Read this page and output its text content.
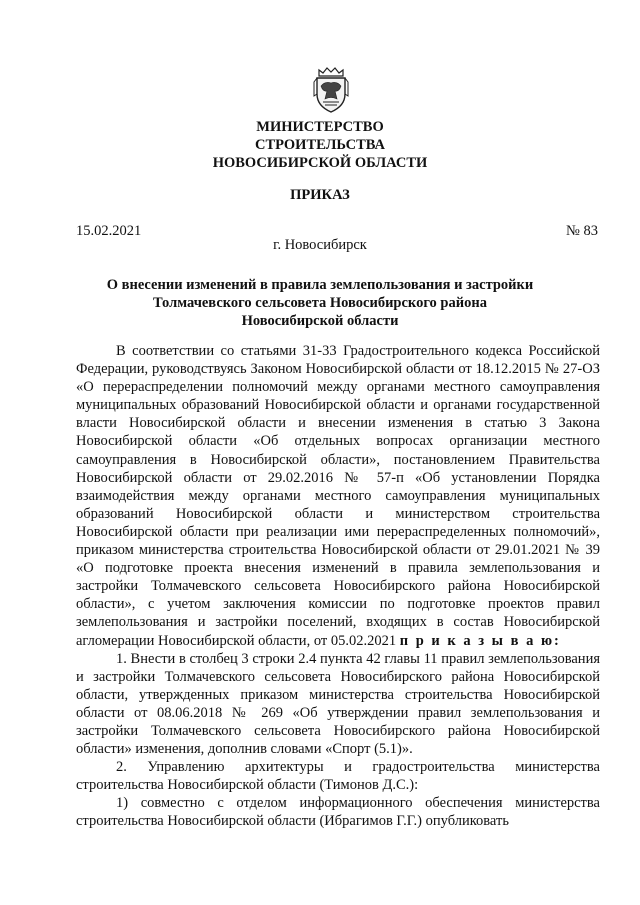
МИНИСТЕРСТВО
СТРОИТЕЛЬСТВА
НОВОСИБИРСКОЙ ОБЛАСТИ
ПРИКАЗ
15.02.2021	№ 83
г. Новосибирск
О внесении изменений в правила землепользования и застройки
Толмачевского сельсовета Новосибирского района
Новосибирской области

В соответствии со статьями 31-33 Градостроительного кодекса Российской Федерации, руководствуясь Законом Новосибирской области от 18.12.2015 № 27-ОЗ «О перераспределении полномочий между органами местного самоуправления муниципальных образований Новосибирской области и органами государственной власти Новосибирской области и внесении изменения в статью 3 Закона Новосибирской области «Об отдельных вопросах организации местного самоуправления в Новосибирской области», постановлением Правительства Новосибирской области от 29.02.2016 № 57-п «Об установлении Порядка взаимодействия между органами местного самоуправления муниципальных образований Новосибирской области и министерством строительства Новосибирской области при реализации ими перераспределенных полномочий», приказом министерства строительства Новосибирской области от 29.01.2021 № 39 «О подготовке проекта внесения изменений в правила землепользования и застройки Толмачевского сельсовета Новосибирского района Новосибирской области», с учетом заключения комиссии по подготовке проектов правил землепользования и застройки поселений, входящих в состав Новосибирской агломерации Новосибирской области, от 05.02.2021 п р и к а з ы в а ю:

1. Внести в столбец 3 строки 2.4 пункта 42 главы 11 правил землепользования и застройки Толмачевского сельсовета Новосибирского района Новосибирской области, утвержденных приказом министерства строительства Новосибирской области от 08.06.2018 № 269 «Об утверждении правил землепользования и застройки Толмачевского сельсовета Новосибирского района Новосибирской области» изменения, дополнив словами «Спорт (5.1)».

2. Управлению архитектуры и градостроительства министерства строительства Новосибирской области (Тимонов Д.С.):

1) совместно с отделом информационного обеспечения министерства строительства Новосибирской области (Ибрагимов Г.Г.) опубликовать
